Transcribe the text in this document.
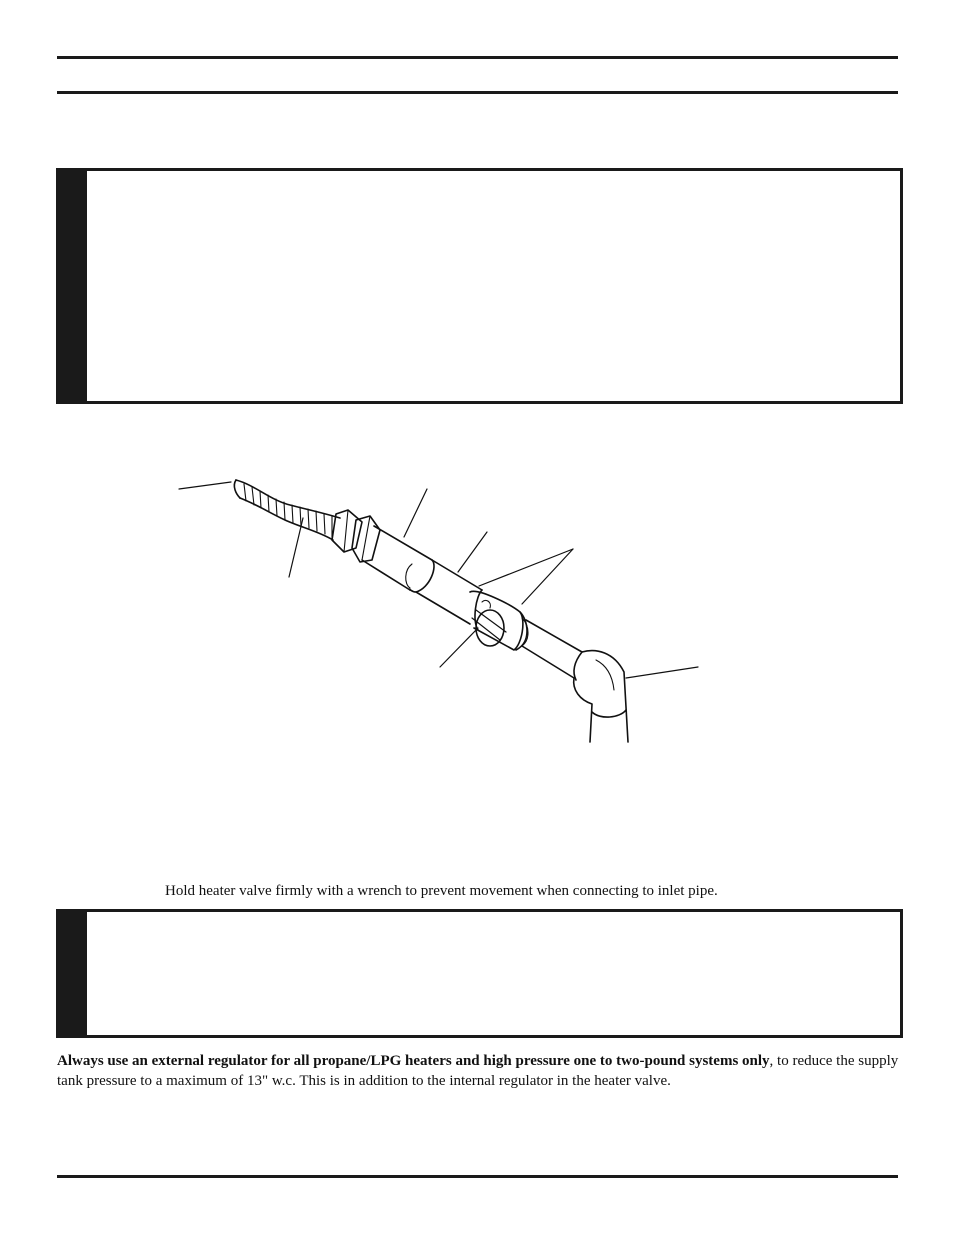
Hold heater valve firmly with a wrench to prevent movement when connecting to inlet pipe.
Always use an external regulator for all propane/LPG heaters and high pressure one to two-pound systems only, to reduce the supply tank pressure to a maximum of 13" w.c. This is in addition to the internal regulator in the heater valve.
